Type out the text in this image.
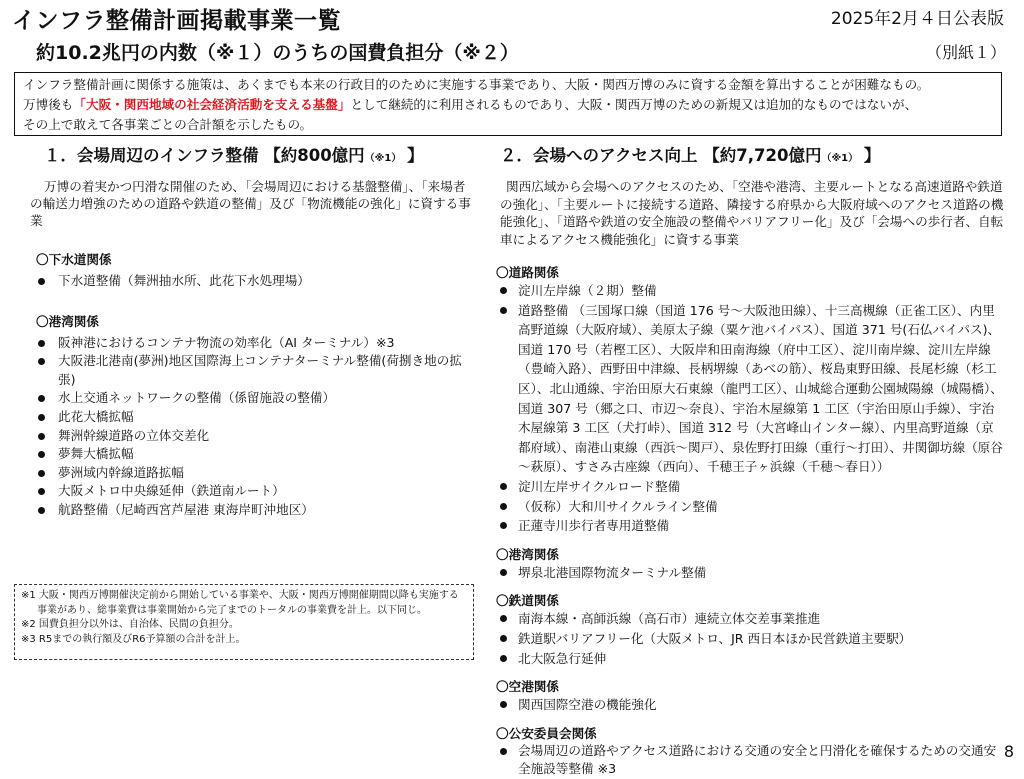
インフラ整備計画掲載事業一覧	2025年2月４日公表版
約10.2兆円の内数（※１）のうちの国費負担分（※２）	（別紙１）
インフラ整備計画に関係する施策は、あくまでも本来の行政目的のために実施する事業であり、大阪・関西万博のみに資する金額を算出することが困難なもの。
万博後も「大阪・関西地域の社会経済活動を支える基盤」として継続的に利用されるものであり、大阪・関西万博のための新規又は追加的なものではないが、
その上で敢えて各事業ごとの合計額を示したもの。
１．会場周辺のインフラ整備 【約800億円（※1） 】

万博の着実かつ円滑な開催のため、「会場周辺における基盤整備」、「来場者の輸送力増強のための道路や鉄道の整備」及び「物流機能の強化」に資する事業

〇下水道関係

下水道整備（舞洲抽水所、此花下水処理場）

〇港湾関係

阪神港におけるコンテナ物流の効率化（AI ターミナル）※3
大阪港北港南(夢洲)地区国際海上コンテナターミナル整備(荷捌き地の拡張)
水上交通ネットワークの整備（係留施設の整備）
此花大橋拡幅
舞洲幹線道路の立体交差化
夢舞大橋拡幅
夢洲域内幹線道路拡幅
大阪メトロ中央線延伸（鉄道南ルート）
航路整備（尼崎西宮芦屋港 東海岸町沖地区）

※1 大阪・関西万博開催決定前から開始している事業や、大阪・関西万博開催期間以降も実施する事業があり、総事業費は事業開始から完了までのトータルの事業費を計上。以下同じ。

※2 国費負担分以外は、自治体、民間の負担分。

※3 R5までの執行額及びR6予算額の合計を計上。

２．会場へのアクセス向上 【約7,720億円（※1） 】

関西広域から会場へのアクセスのため、「空港や港湾、主要ルートとなる高速道路や鉄道の強化」、「主要ルートに接続する道路、隣接する府県から大阪府域へのアクセス道路の機能強化」、「道路や鉄道の安全施設の整備やバリアフリー化」及び「会場への歩行者、自転車によるアクセス機能強化」に資する事業

〇道路関係

淀川左岸線（２期）整備
道路整備 （三国塚口線（国道 176 号～大阪池田線）、十三高槻線（正雀工区）、内里高野道線（大阪府域）、美原太子線（粟ケ池バイパス）、国道 371 号(石仏バイパス)、国道 170 号（若樫工区）、大阪岸和田南海線（府中工区）、淀川南岸線、淀川左岸線（豊崎入路）、西野田中津線、長柄堺線（あべの筋）、桜島東野田線、長尾杉線（杉工区）、北山通線、宇治田原大石東線（龍門工区）、山城総合運動公園城陽線（城陽橋）、国道 307 号（郷之口、市辺～奈良）、宇治木屋線第 1 工区（宇治田原山手線）、宇治木屋線第 3 工区（犬打峠）、国道 312 号（大宮峰山インター線）、内里高野道線（京都府域）、南港山東線（西浜～関戸）、泉佐野打田線（重行～打田）、井関御坊線（原谷～萩原）、すさみ古座線（西向）、千穂王子ヶ浜線（千穂～春日））
淀川左岸サイクルロード整備
（仮称）大和川サイクルライン整備
正蓮寺川歩行者専用道整備

〇港湾関係

堺泉北港国際物流ターミナル整備

〇鉄道関係

南海本線・高師浜線（高石市）連続立体交差事業推進
鉄道駅バリアフリー化（大阪メトロ、JR 西日本ほか民営鉄道主要駅）
北大阪急行延伸

〇空港関係

関西国際空港の機能強化

〇公安委員会関係

会場周辺の道路やアクセス道路における交通の安全と円滑化を確保するための交通安全施設等整備 ※3
8
